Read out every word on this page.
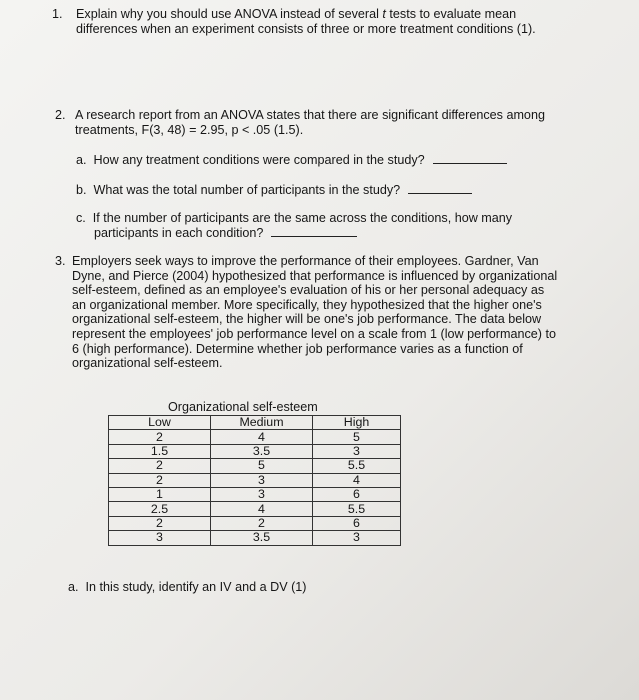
1. Explain why you should use ANOVA instead of several t tests to evaluate mean differences when an experiment consists of three or more treatment conditions (1).
2. A research report from an ANOVA states that there are significant differences among
treatments, F(3, 48) = 2.95, p < .05 (1.5).
a. How any treatment conditions were compared in the study?
b. What was the total number of participants in the study?
c. If the number of participants are the same across the conditions, how many
participants in each condition?
3. Employers seek ways to improve the performance of their employees. Gardner, Van
Dyne, and Pierce (2004) hypothesized that performance is influenced by organizational
self-esteem, defined as an employee's evaluation of his or her personal adequacy as
an organizational member. More specifically, they hypothesized that the higher one's
organizational self-esteem, the higher will be one's job performance. The data below
represent the employees' job performance level on a scale from 1 (low performance) to
6 (high performance). Determine whether job performance varies as a function of
organizational self-esteem.
Organizational self-esteem
Low	Medium	High
2	4	5
1.5	3.5	3
2	5	5.5
2	3	4
1	3	6
2.5	4	5.5
2	2	6
3	3.5	3
a. In this study, identify an IV and a DV (1)
